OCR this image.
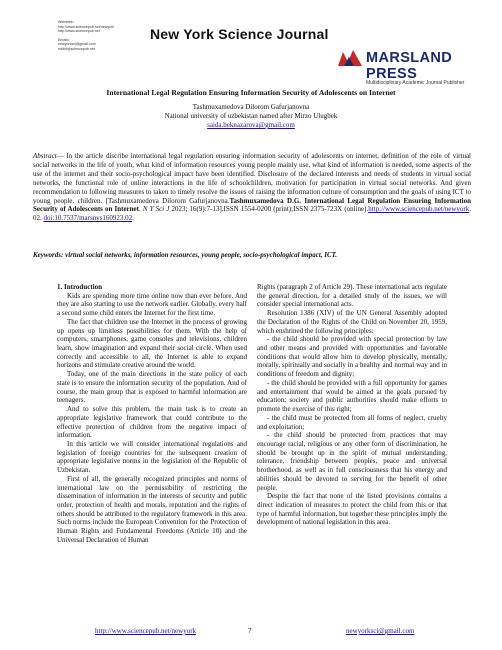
Websites:
http://www.sciencepub.net/newyork
http://www.sciencepub.net
Emails:
newyorksci@gmail.com
editor@sciencepub.net
New York Science Journal
MARSLAND PRESS
Multidisciplinary Academic Journal Publisher
International Legal Regulation Ensuring Information Security of Adolescents on Internet
Tashmuxamedova Dilorom Gafurjanovna
National university of uzbekistan named after Mirzo Ulugbek
saida.beknazarova@gmail.com
Abstract— In the article discribe international legal regulation ensuring information security of adolescents on internet, definition of the role of virtual social networks in the life of youth, what kind of information resources young people mainly use, what kind of information is needed, some aspects of the use of the internet and their socio-psychological impact have been identified. Disclosure of the declared interests and needs of students in virtual social networks, the functional role of online interactions in the life of schoolchildren, motivation for participation in virtual social networks. And given recommendation to following measures to taken to timely resolve the issues of raising the information culture of consumption and the goals of using ICT to young people, children. [Tashmuxamedova Dilorom Gafurjanovna.Tashmuxamedova D.G. International Legal Regulation Ensuring Information Security of Adolescents on Internet. N Y Sci J 2023; 16(9):7-13].ISSN 1554-0200 (print);ISSN 2375-723X (online).http://www.sciencepub.net/newyork. 02. doi:10.7537/marsnys160923.02.
Keywords: virtual social networks, information resources, young people, socio-psychological impact, ICT.

1. Introduction

Kids are spending more time online now than ever before. And they are also starting to use the network earlier. Globally, every half a second some child enters the Internet for the first time.

The fact that children use the Internet in the process of growing up opens up limitless possibilities for them. With the help of computers, smartphones, game consoles and televisions, children learn, show imagination and expand their social circle. When used correctly and accessible to all, the Internet is able to expand horizons and stimulate creative around the world.

Today, one of the main directions in the state policy of each state is to ensure the information security of the population. And of course, the main group that is exposed to harmful information are teenagers.

And to solve this problem, the main task is to create an appropriate legislative framework that could contribute to the effective protection of children from the negative impact of information.

In this article we will consider international regulations and legislation of foreign countries for the subsequent creation of appropriate legislative norms in the legislation of the Republic of Uzbekistan.

First of all, the generally recognized principles and norms of international law on the permissibility of restricting the dissemination of information in the interests of security and public order, protection of health and morals, reputation and the rights of others should be attributed to the regulatory framework in this area. Such norms include the European Convention for the Protection of Human Rights and Fundamental Freedoms (Article 10) and the Universal Declaration of Human

Rights (paragraph 2 of Article 29). These international acts regulate the general direction, for a detailed study of the issues, we will consider special international acts.

Resolution 1386 (XIV) of the UN General Assembly adopted the Declaration of the Rights of the Child on November 20, 1959, which enshrined the following principles:

- the child should be provided with special protection by law and other means and provided with opportunities and favorable conditions that would allow him to develop physically, mentally, morally, spiritually and socially in a healthy and normal way and in conditions of freedom and dignity;

- the child should be provided with a full opportunity for games and entertainment that would be aimed at the goals pursued by education; society and public authorities should make efforts to promote the exercise of this right;

- the child must be protected from all forms of neglect, cruelty and exploitation;

- the child should be protected from practices that may encourage racial, religious or any other form of discrimination, he should be brought up in the spirit of mutual understanding, tolerance, friendship between peoples, peace and universal brotherhood, as well as in full consciousness that his energy and abilities should be devoted to serving for the benefit of other people.

Despite the fact that none of the listed provisions contains a direct indication of measures to protect the child from this or that type of harmful information, but together these principles imply the development of national legislation in this area.

http://www.sciencepub.net/newyork	7	newyorksci@gmail.com
